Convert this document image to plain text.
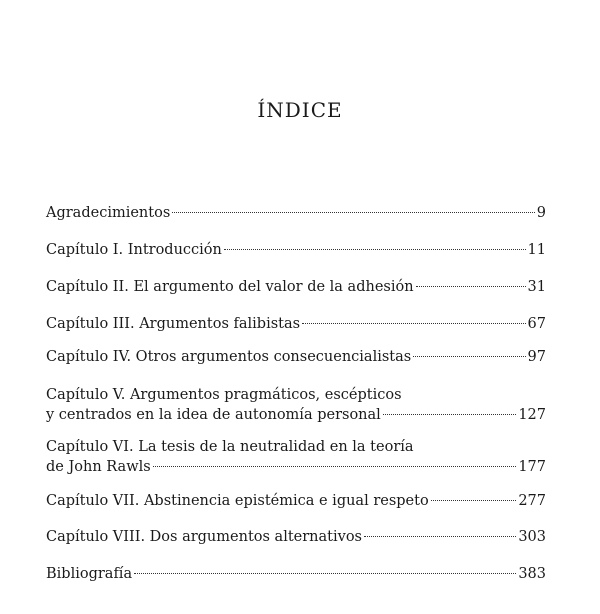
ÍNDICE
Agradecimientos	9
Capítulo I. Introducción	11
Capítulo II. El argumento del valor de la adhesión	31
Capítulo III. Argumentos falibistas	67
Capítulo IV. Otros argumentos consecuencialistas	97
Capítulo V. Argumentos pragmáticos, escépticos
y centrados en la idea de autonomía personal	127
Capítulo VI. La tesis de la neutralidad en la teoría
de John Rawls	177
Capítulo VII. Abstinencia epistémica e igual respeto	277
Capítulo VIII. Dos argumentos alternativos	303
Bibliografía	383
